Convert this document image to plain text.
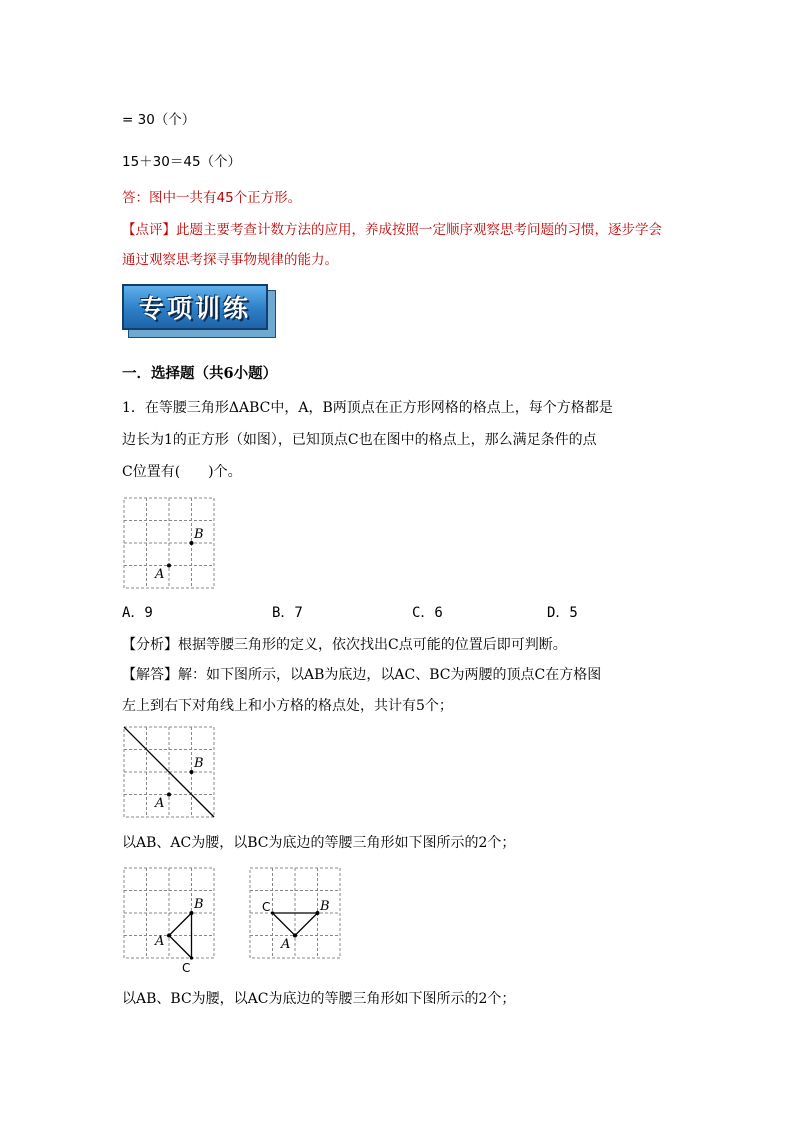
= 30（个）
15＋30＝45（个）
答：图中一共有45个正方形。
【点评】此题主要考查计数方法的应用，养成按照一定顺序观察思考问题的习惯，逐步学会
通过观察思考探寻事物规律的能力。
专项训练
一．选择题（共6小题）
1．在等腰三角形ΔABC中，A，B两顶点在正方形网格的格点上，每个方格都是
边长为1的正方形（如图），已知顶点C也在图中的格点上，那么满足条件的点
C位置有(　　)个。
B
A
A．9	B．7	C．6	D．5
【分析】根据等腰三角形的定义，依次找出C点可能的位置后即可判断。
【解答】解：如下图所示，以AB为底边，以AC、BC为两腰的顶点C在方格图
左上到右下对角线上和小方格的格点处，共计有5个；
B
A
以AB、AC为腰，以BC为底边的等腰三角形如下图所示的2个；
B
A
C
B
A
C
以AB、BC为腰，以AC为底边的等腰三角形如下图所示的2个；
